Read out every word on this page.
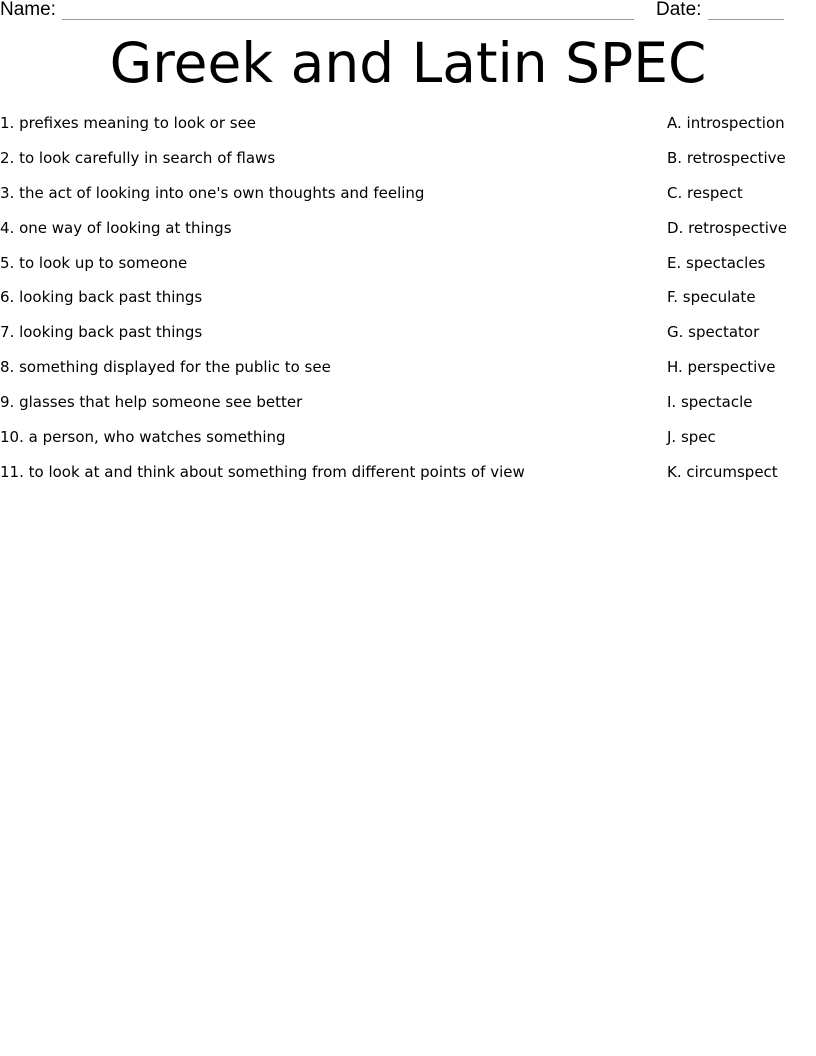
Name:	Date:
Greek and Latin SPEC
1. prefixes meaning to look or see
2. to look carefully in search of flaws
3. the act of looking into one's own thoughts and feeling
4. one way of looking at things
5. to look up to someone
6. looking back past things
7. looking back past things
8. something displayed for the public to see
9. glasses that help someone see better
10. a person, who watches something
11. to look at and think about something from different points of view
A. introspection
B. retrospective
C. respect
D. retrospective
E. spectacles
F. speculate
G. spectator
H. perspective
I. spectacle
J. spec
K. circumspect
